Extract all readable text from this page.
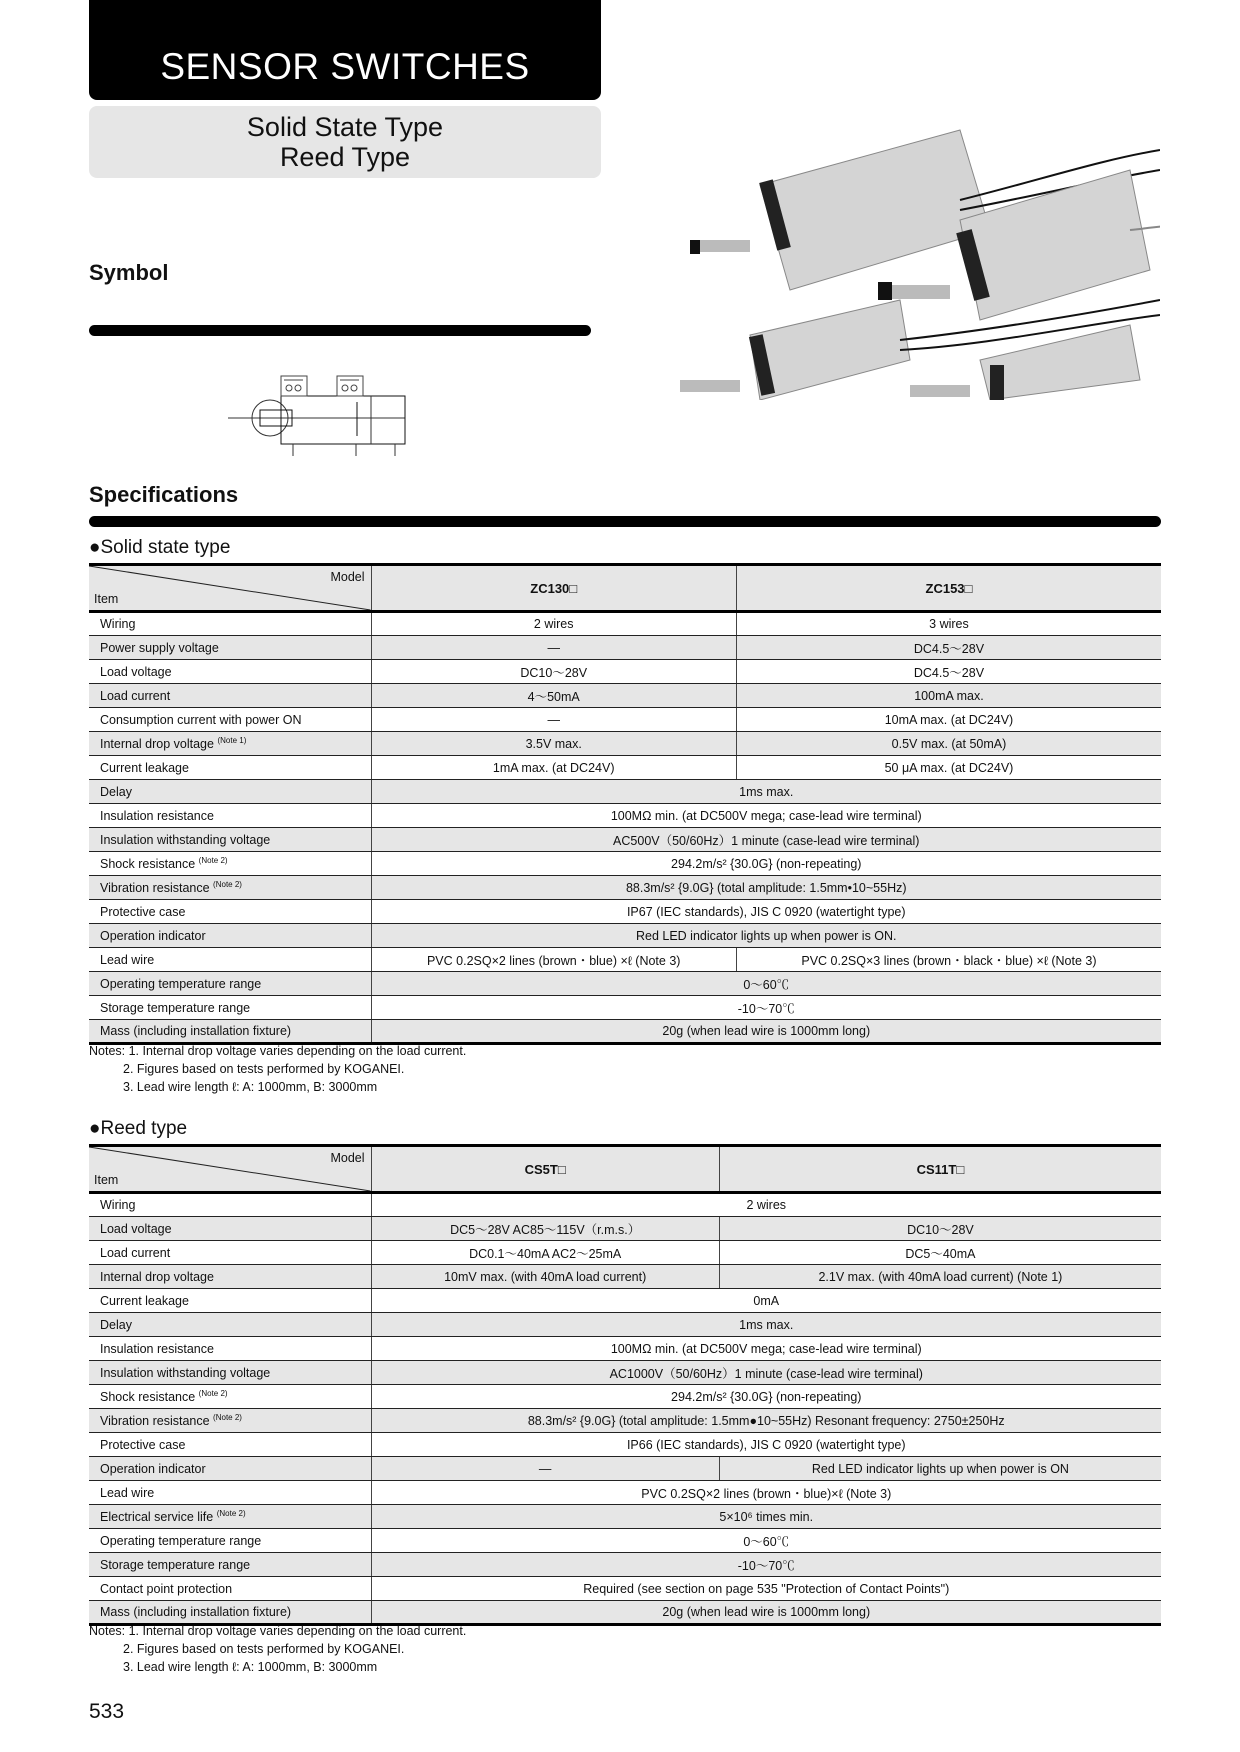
SENSOR SWITCHES
Solid State Type
Reed Type
Symbol
Specifications
●Solid state type
Model
Item	ZC130□	ZC153□
Wiring	2 wires	3 wires
Power supply voltage	—	DC4.5～28V
Load voltage	DC10～28V	DC4.5～28V
Load current	4～50mA	100mA max.
Consumption current with power ON	—	10mA max. (at DC24V)
Internal drop voltage $^{(Note 1)}$	3.5V max.	0.5V max. (at 50mA)
Current leakage	1mA max. (at DC24V)	50 μA max. (at DC24V)
Delay	1ms max.	
Insulation resistance	100MΩ min. (at DC500V mega; case-lead wire terminal)	
Insulation withstanding voltage	AC500V（50/60Hz）1 minute (case-lead wire terminal)	
Shock resistance $^{(Note 2)}$	294.2m/s² {30.0G} (non-repeating)	
Vibration resistance $^{(Note 2)}$	88.3m/s² {9.0G} (total amplitude: 1.5mm•10~55Hz)	
Protective case	IP67 (IEC standards), JIS C 0920 (watertight type)	
Operation indicator	Red LED indicator lights up when power is ON.	
Lead wire	PVC 0.2SQ×2 lines (brown・blue) ×ℓ (Note 3)	PVC 0.2SQ×3 lines (brown・black・blue) ×ℓ (Note 3)
Operating temperature range	0～60℃	
Storage temperature range	-10～70℃	
Mass (including installation fixture)	20g (when lead wire is 1000mm long)	
Notes: 1. Internal drop voltage varies depending on the load current.
2. Figures based on tests performed by KOGANEI.
3. Lead wire length ℓ: A: 1000mm, B: 3000mm
●Reed type
Model
Item	CS5T□	CS11T□
Wiring	2 wires	
Load voltage	DC5～28V AC85～115V（r.m.s.）	DC10～28V
Load current	DC0.1～40mA AC2～25mA	DC5～40mA
Internal drop voltage	10mV max. (with 40mA load current)	2.1V max. (with 40mA load current) (Note 1)
Current leakage	0mA	
Delay	1ms max.	
Insulation resistance	100MΩ min. (at DC500V mega; case-lead wire terminal)	
Insulation withstanding voltage	AC1000V（50/60Hz）1 minute (case-lead wire terminal)	
Shock resistance $^{(Note 2)}$	294.2m/s² {30.0G} (non-repeating)	
Vibration resistance $^{(Note 2)}$	88.3m/s² {9.0G} (total amplitude: 1.5mm●10~55Hz) Resonant frequency: 2750±250Hz	
Protective case	IP66 (IEC standards), JIS C 0920 (watertight type)	
Operation indicator	—	Red LED indicator lights up when power is ON
Lead wire	PVC 0.2SQ×2 lines (brown・blue)×ℓ (Note 3)	
Electrical service life $^{(Note 2)}$	5×10⁶ times min.	
Operating temperature range	0～60℃	
Storage temperature range	-10～70℃	
Contact point protection	Required (see section on page 535 "Protection of Contact Points")	
Mass (including installation fixture)	20g (when lead wire is 1000mm long)	
Notes: 1. Internal drop voltage varies depending on the load current.
2. Figures based on tests performed by KOGANEI.
3. Lead wire length ℓ: A: 1000mm, B: 3000mm
533
